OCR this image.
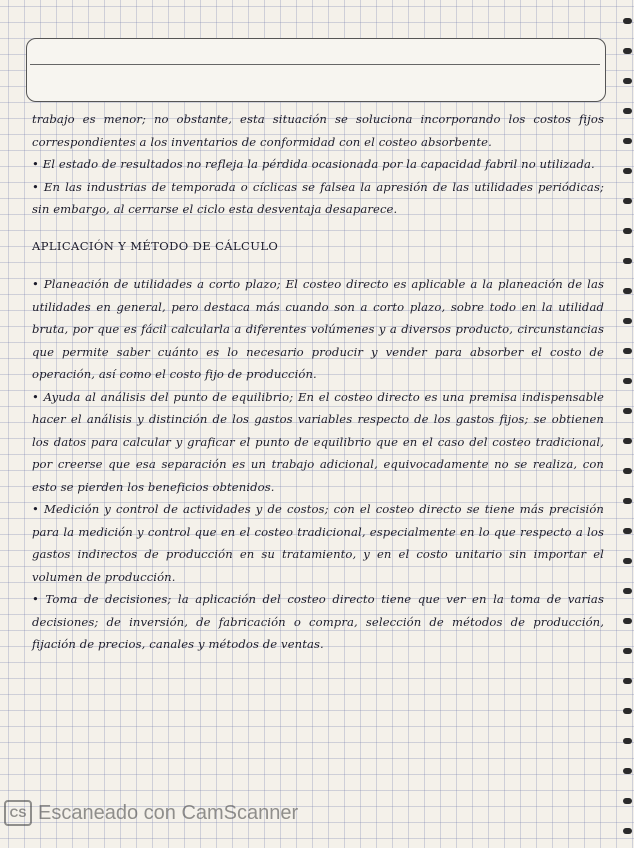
trabajo es menor; no obstante, esta situación se soluciona incorporando los costos fijos correspondientes a los inventarios de conformidad con el costeo absorbente.

• El estado de resultados no refleja la pérdida ocasionada por la capacidad fabril no utilizada.

• En las industrias de temporada o cíclicas se falsea la apresión de las utilidades periódicas; sin embargo, al cerrarse el ciclo esta desventaja desaparece.

APLICACIÓN Y MÉTODO DE CÁLCULO

• Planeación de utilidades a corto plazo; El costeo directo es aplicable a la planeación de las utilidades en general, pero destaca más cuando son a corto plazo, sobre todo en la utilidad bruta, por que es fácil calcularla a diferentes volúmenes y a diversos producto, circunstancias que permite saber cuánto es lo necesario producir y vender para absorber el costo de operación, así como el costo fijo de producción.

• Ayuda al análisis del punto de equilibrio; En el costeo directo es una premisa indispensable hacer el análisis y distinción de los gastos variables respecto de los gastos fijos; se obtienen los datos para calcular y graficar el punto de equilibrio que en el caso del costeo tradicional, por creerse que esa separación es un trabajo adicional, equivocadamente no se realiza, con esto se pierden los beneficios obtenidos.

• Medición y control de actividades y de costos; con el costeo directo se tiene más precisión para la medición y control que en el costeo tradicional, especialmente en lo que respecto a los gastos indirectos de producción en su tratamiento, y en el costo unitario sin importar el volumen de producción.

• Toma de decisiones; la aplicación del costeo directo tiene que ver en la toma de varias decisiones; de inversión, de fabricación o compra, selección de métodos de producción, fijación de precios, canales y métodos de ventas.

CS Escaneado con CamScanner
